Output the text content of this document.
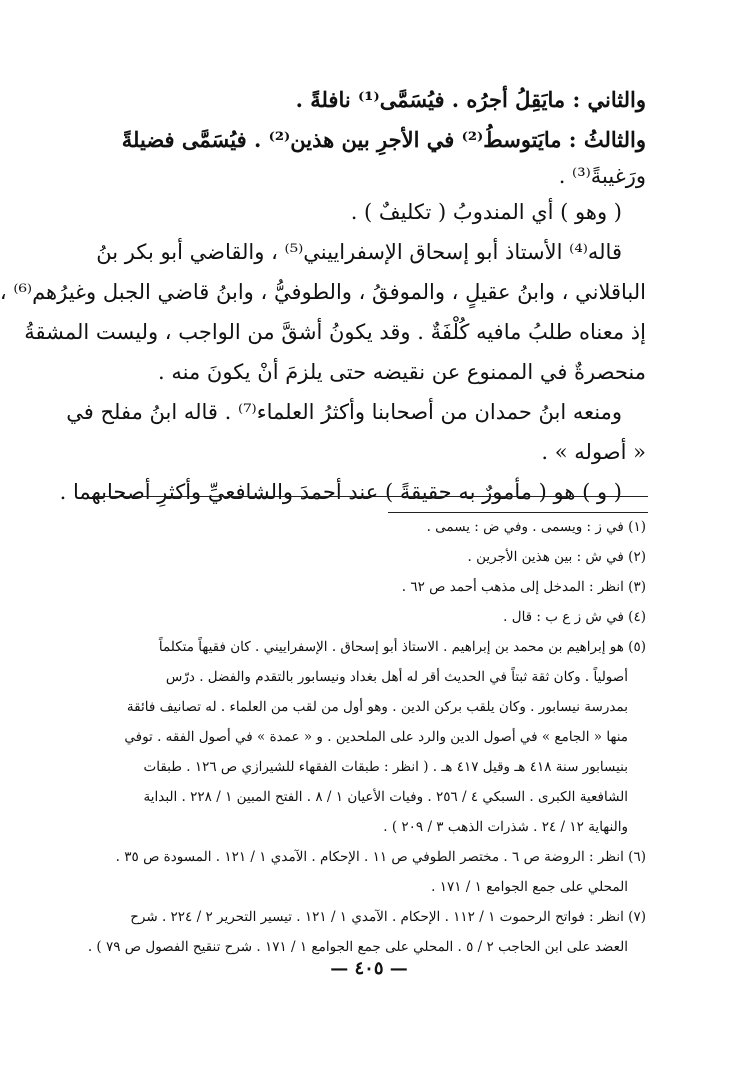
والثاني : مايَقِلُ أجرُه . فيُسَمَّى⁽¹⁾ نافلةً .
والثالثُ : مايَتوسطُ⁽²⁾ في الأجرِ بين هذين⁽²⁾ . فيُسَمَّى فضيلةً
ورَغيبةً⁽³⁾ .
( وهو ) أي المندوبُ ( تكليفٌ ) .
قاله⁽⁴⁾ الأستاذ أبو إسحاق الإسفراييني⁽⁵⁾ ، والقاضي أبو بكر بنُ
الباقلاني ، وابنُ عقيلٍ ، والموفقُ ، والطوفيُّ ، وابنُ قاضي الجبل وغيرُهم⁽⁶⁾ ،
إذ معناه طلبُ مافيه كُلْفَةٌ . وقد يكونُ أشقَّ من الواجب ، وليست المشقةُ
منحصرةٌ في الممنوع عن نقيضه حتى يلزمَ أنْ يكونَ منه .
ومنعه ابنُ حمدان من أصحابنا وأكثرُ العلماء⁽⁷⁾ . قاله ابنُ مفلح في
« أصوله » .
( و ) هو ( مأمورٌ به حقيقةً ) عند أحمدَ والشافعيِّ وأكثرِ أصحابهما .
(١) في ز : ويسمى . وفي ض : يسمى .
(٢) في ش : بين هذين الأجرين .
(٣) انظر : المدخل إلى مذهب أحمد ص ٦٢ .
(٤) في ش ز ع ب : قال .
(٥) هو إبراهيم بن محمد بن إبراهيم . الاستاذ أبو إسحاق . الإسفراييني . كان فقيهاً متكلماً
أصولياً . وكان ثقة ثبتاً في الحديث أقر له أهل بغداد ونيسابور بالتقدم والفضل . درّس
بمدرسة نيسابور . وكان يلقب بركن الدين . وهو أول من لقب من العلماء . له تصانيف فائقة
منها « الجامع » في أصول الدين والرد على الملحدين . و « عمدة » في أصول الفقه . توفي
بنيسابور سنة ٤١٨ هـ وقيل ٤١٧ هـ . ( انظر : طبقات الفقهاء للشيرازي ص ١٢٦ . طبقات
الشافعية الكبرى . السبكي ٤ / ٢٥٦ . وفيات الأعيان ١ / ٨ . الفتح المبين ١ / ٢٢٨ . البداية
والنهاية ١٢ / ٢٤ . شذرات الذهب ٣ / ٢٠٩ ) .
(٦) انظر : الروضة ص ٦ . مختصر الطوفي ص ١١ . الإحكام . الآمدي ١ / ١٢١ . المسودة ص ٣٥ .
المحلي على جمع الجوامع ١ / ١٧١ .
(٧) انظر : فواتح الرحموت ١ / ١١٢ . الإحكام . الآمدي ١ / ١٢١ . تيسير التحرير ٢ / ٢٢٤ . شرح
العضد على ابن الحاجب ٢ / ٥ . المحلي على جمع الجوامع ١ / ١٧١ . شرح تنقيح الفصول ص ٧٩ ) .
— ٤٠٥ —
